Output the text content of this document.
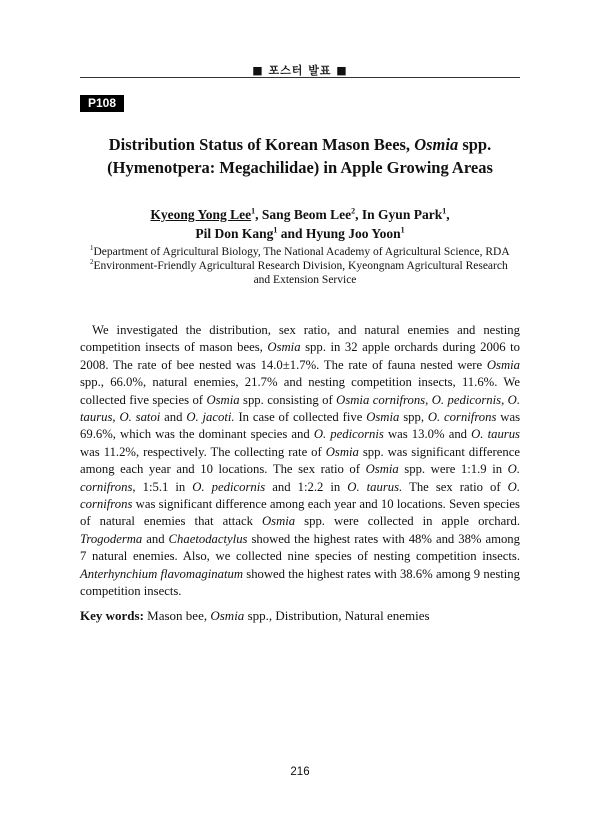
■ 포스터 발표 ■
P108
Distribution Status of Korean Mason Bees, Osmia spp.
(Hymenotpera: Megachilidae) in Apple Growing Areas
Kyeong Yong Lee$^1$, Sang Beom Lee$^2$, In Gyun Park$^1$,
Pil Don Kang$^1$ and Hyung Joo Yoon$^1$
$^1$Department of Agricultural Biology, The National Academy of Agricultural Science, RDA
$^2$Environment-Friendly Agricultural Research Division, Kyeongnam Agricultural Research
and Extension Service
We investigated the distribution, sex ratio, and natural enemies and nesting competition insects of mason bees, Osmia spp. in 32 apple orchards during 2006 to 2008. The rate of bee nested was 14.0±1.7%. The rate of fauna nested were Osmia spp., 66.0%, natural enemies, 21.7% and nesting competition insects, 11.6%. We collected five species of Osmia spp. consisting of Osmia cornifrons, O. pedicornis, O. taurus, O. satoi and O. jacoti. In case of collected five Osmia spp, O. cornifrons was 69.6%, which was the dominant species and O. pedicornis was 13.0% and O. taurus was 11.2%, respectively. The collecting rate of Osmia spp. was significant difference among each year and 10 locations. The sex ratio of Osmia spp. were 1:1.9 in O. cornifrons, 1:5.1 in O. pedicornis and 1:2.2 in O. taurus. The sex ratio of O. cornifrons was significant difference among each year and 10 locations. Seven species of natural enemies that attack Osmia spp. were collected in apple orchard. Trogoderma and Chaetodactylus showed the highest rates with 48% and 38% among 7 natural enemies. Also, we collected nine species of nesting competition insects. Anterhynchium flavomaginatum showed the highest rates with 38.6% among 9 nesting competition insects.
Key words: Mason bee, Osmia spp., Distribution, Natural enemies
216
